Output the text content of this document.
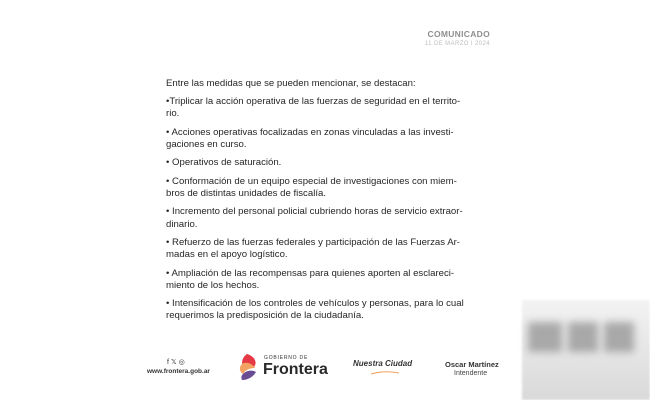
COMUNICADO
11 DE MARZO I 2024

Entre las medidas que se pueden mencionar, se destacan:

•Triplicar la acción operativa de las fuerzas de seguridad en el territo-
rio.

• Acciones operativas focalizadas en zonas vinculadas a las investi-
gaciones en curso.

• Operativos de saturación.

• Conformación de un equipo especial de investigaciones con miem-
bros de distintas unidades de fiscalía.

• Incremento del personal policial cubriendo horas de servicio extraor-
dinario.

• Refuerzo de las fuerzas federales y participación de las Fuerzas Ar-
madas en el apoyo logístico.

• Ampliación de las recompensas para quienes aporten al esclareci-
miento de los hechos.

• Intensificación de los controles de vehículos y personas, para lo cual
requerimos la predisposición de la ciudadanía.

f𝕏◎
www.frontera.gob.ar
GOBIERNO DE
Frontera	Nuestra Ciudad	Oscar Martínez
Intendente
